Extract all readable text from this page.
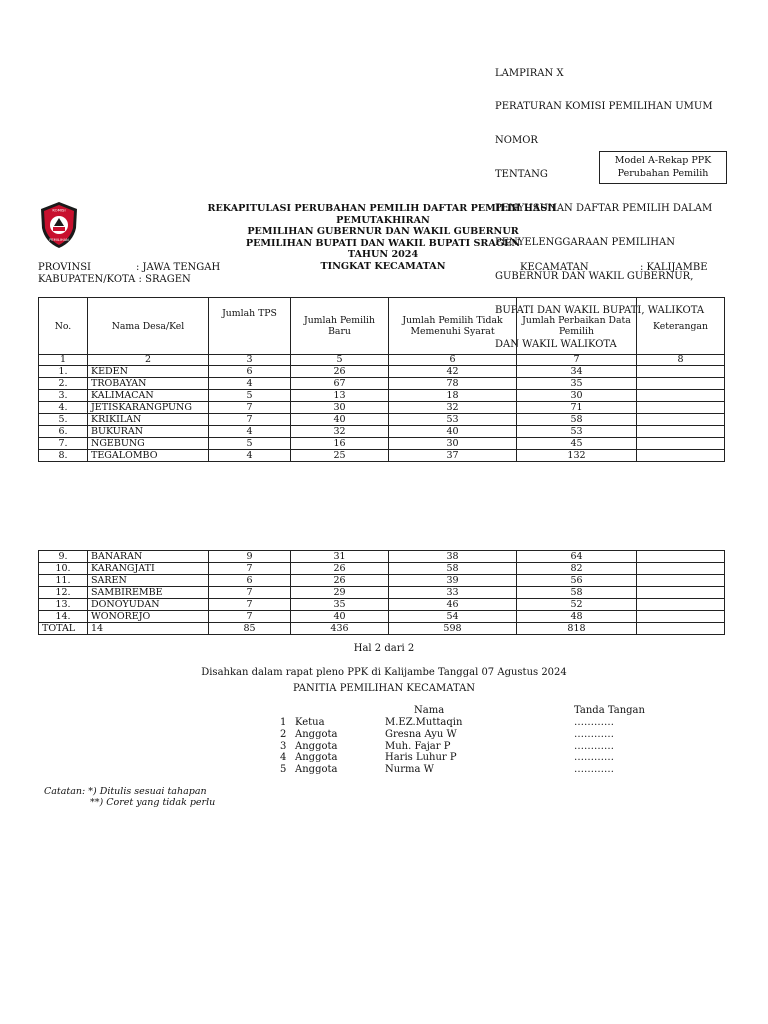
LAMPIRAN X

PERATURAN KOMISI PEMILIHAN UMUM

NOMOR

TENTANG

PENYUSUNAN DAFTAR PEMILIH DALAM

PENYELENGGARAAN PEMILIHAN

GUBERNUR DAN WAKIL GUBERNUR,

BUPATI DAN WAKIL BUPATI, WALIKOTA

DAN WAKIL WALIKOTA

Model A-Rekap PPK
Perubahan Pemilih
KOMISI
PEMILIHAN
REKAPITULASI PERUBAHAN PEMILIH DAFTAR PEMILIH HASIL PEMUTAKHIRAN
PEMILIHAN GUBERNUR DAN WAKIL GUBERNUR
PEMILIHAN BUPATI DAN WAKIL BUPATI SRAGEN
TAHUN 2024
TINGKAT KECAMATAN
PROVINSI	: JAWA TENGAH
KABUPATEN/KOTA : SRAGEN
KECAMATAN	: KALIJAMBE
No.	Nama Desa/Kel	Jumlah TPS	Jumlah Pemilih Baru	Jumlah Pemilih Tidak Memenuhi Syarat	Jumlah Perbaikan Data Pemilih	Keterangan
1	2	3	5	6	7	8
1.	KEDEN	6	26	42	34	
2.	TROBAYAN	4	67	78	35	
3.	KALIMACAN	5	13	18	30	
4.	JETISKARANGPUNG	7	30	32	71	
5.	KRIKILAN	7	40	53	58	
6.	BUKURAN	4	32	40	53	
7.	NGEBUNG	5	16	30	45	
8.	TEGALOMBO	4	25	37	132	
9.	BANARAN	9	31	38	64	
10.	KARANGJATI	7	26	58	82	
11.	SAREN	6	26	39	56	
12.	SAMBIREMBE	7	29	33	58	
13.	DONOYUDAN	7	35	46	52	
14.	WONOREJO	7	40	54	48	
TOTAL	14	85	436	598	818	
Hal 2 dari 2
Disahkan dalam rapat pleno PPK di Kalijambe Tanggal 07 Agustus 2024
PANITIA PEMILIHAN KECAMATAN
Nama	Tanda Tangan
1 Ketua	M.EZ.Muttaqin	…………
2 Anggota	Gresna Ayu W	…………
3 Anggota	Muh. Fajar P	…………
4 Anggota	Haris Luhur P	…………
5 Anggota	Nurma W	…………
Catatan: *) Ditulis sesuai tahapan
**) Coret yang tidak perlu
